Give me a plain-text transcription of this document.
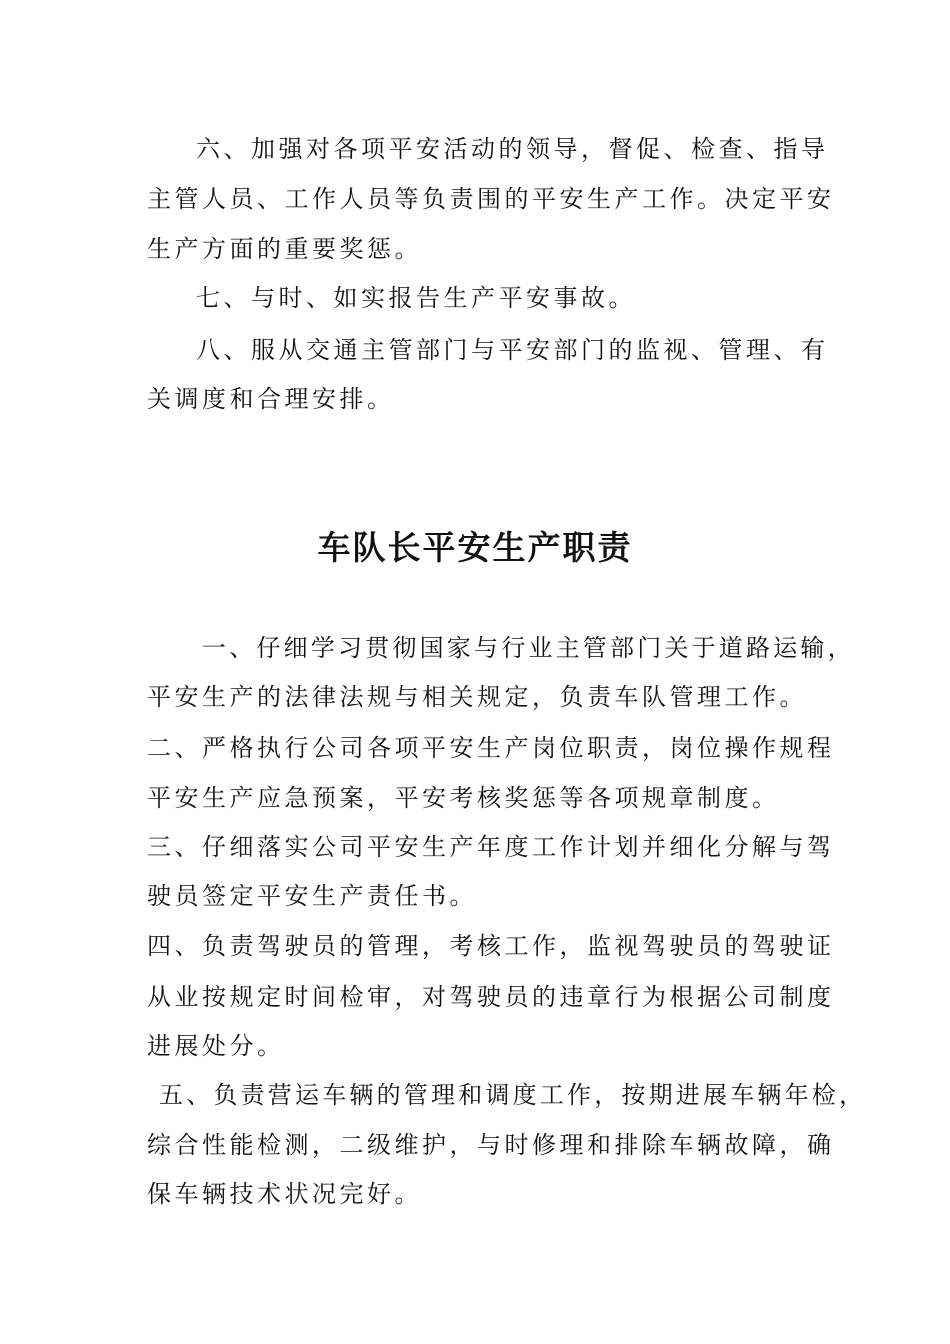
六、加强对各项平安活动的领导，督促、检查、指导
主管人员、工作人员等负责围的平安生产工作。决定平安
生产方面的重要奖惩。
七、与时、如实报告生产平安事故。
八、服从交通主管部门与平安部门的监视、管理、有
关调度和合理安排。
车队长平安生产职责
一、仔细学习贯彻国家与行业主管部门关于道路运输，
平安生产的法律法规与相关规定，负责车队管理工作。
二、严格执行公司各项平安生产岗位职责，岗位操作规程
平安生产应急预案，平安考核奖惩等各项规章制度。
三、仔细落实公司平安生产年度工作计划并细化分解与驾
驶员签定平安生产责任书。
四、负责驾驶员的管理，考核工作，监视驾驶员的驾驶证
从业按规定时间检审，对驾驶员的违章行为根据公司制度
进展处分。
五、负责营运车辆的管理和调度工作，按期进展车辆年检，
综合性能检测，二级维护，与时修理和排除车辆故障，确
保车辆技术状况完好。
